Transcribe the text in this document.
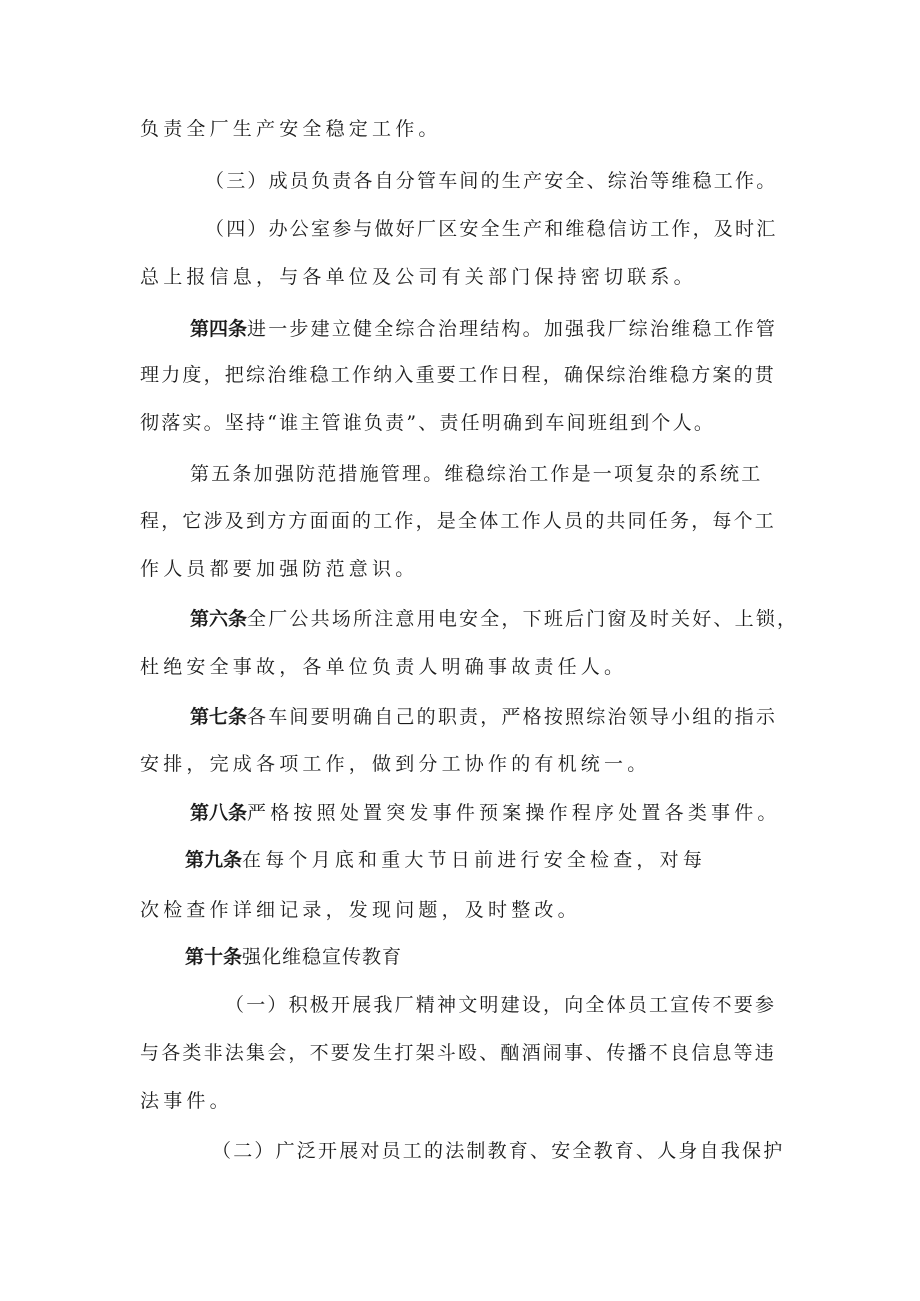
负责全厂生产安全稳定工作。

（三）成员负责各自分管车间的生产安全、综治等维稳工作。

（四）办公室参与做好厂区安全生产和维稳信访工作，及时汇

总上报信息，与各单位及公司有关部门保持密切联系。

第四条进一步建立健全综合治理结构。加强我厂综治维稳工作管

理力度，把综治维稳工作纳入重要工作日程，确保综治维稳方案的贯

彻落实。坚持“谁主管谁负责”、责任明确到车间班组到个人。

第五条加强防范措施管理。维稳综治工作是一项复杂的系统工

程，它涉及到方方面面的工作，是全体工作人员的共同任务，每个工

作人员都要加强防范意识。

第六条全厂公共场所注意用电安全，下班后门窗及时关好、上锁，

杜绝安全事故，各单位负责人明确事故责任人。

第七条各车间要明确自己的职责，严格按照综治领导小组的指示

安排，完成各项工作，做到分工协作的有机统一。

第八条严格按照处置突发事件预案操作程序处置各类事件。

第九条在每个月底和重大节日前进行安全检查，对每

次检查作详细记录，发现问题，及时整改。

第十条强化维稳宣传教育

（一）积极开展我厂精神文明建设，向全体员工宣传不要参

与各类非法集会，不要发生打架斗殴、酗酒闹事、传播不良信息等违

法事件。

（二）广泛开展对员工的法制教育、安全教育、人身自我保护
